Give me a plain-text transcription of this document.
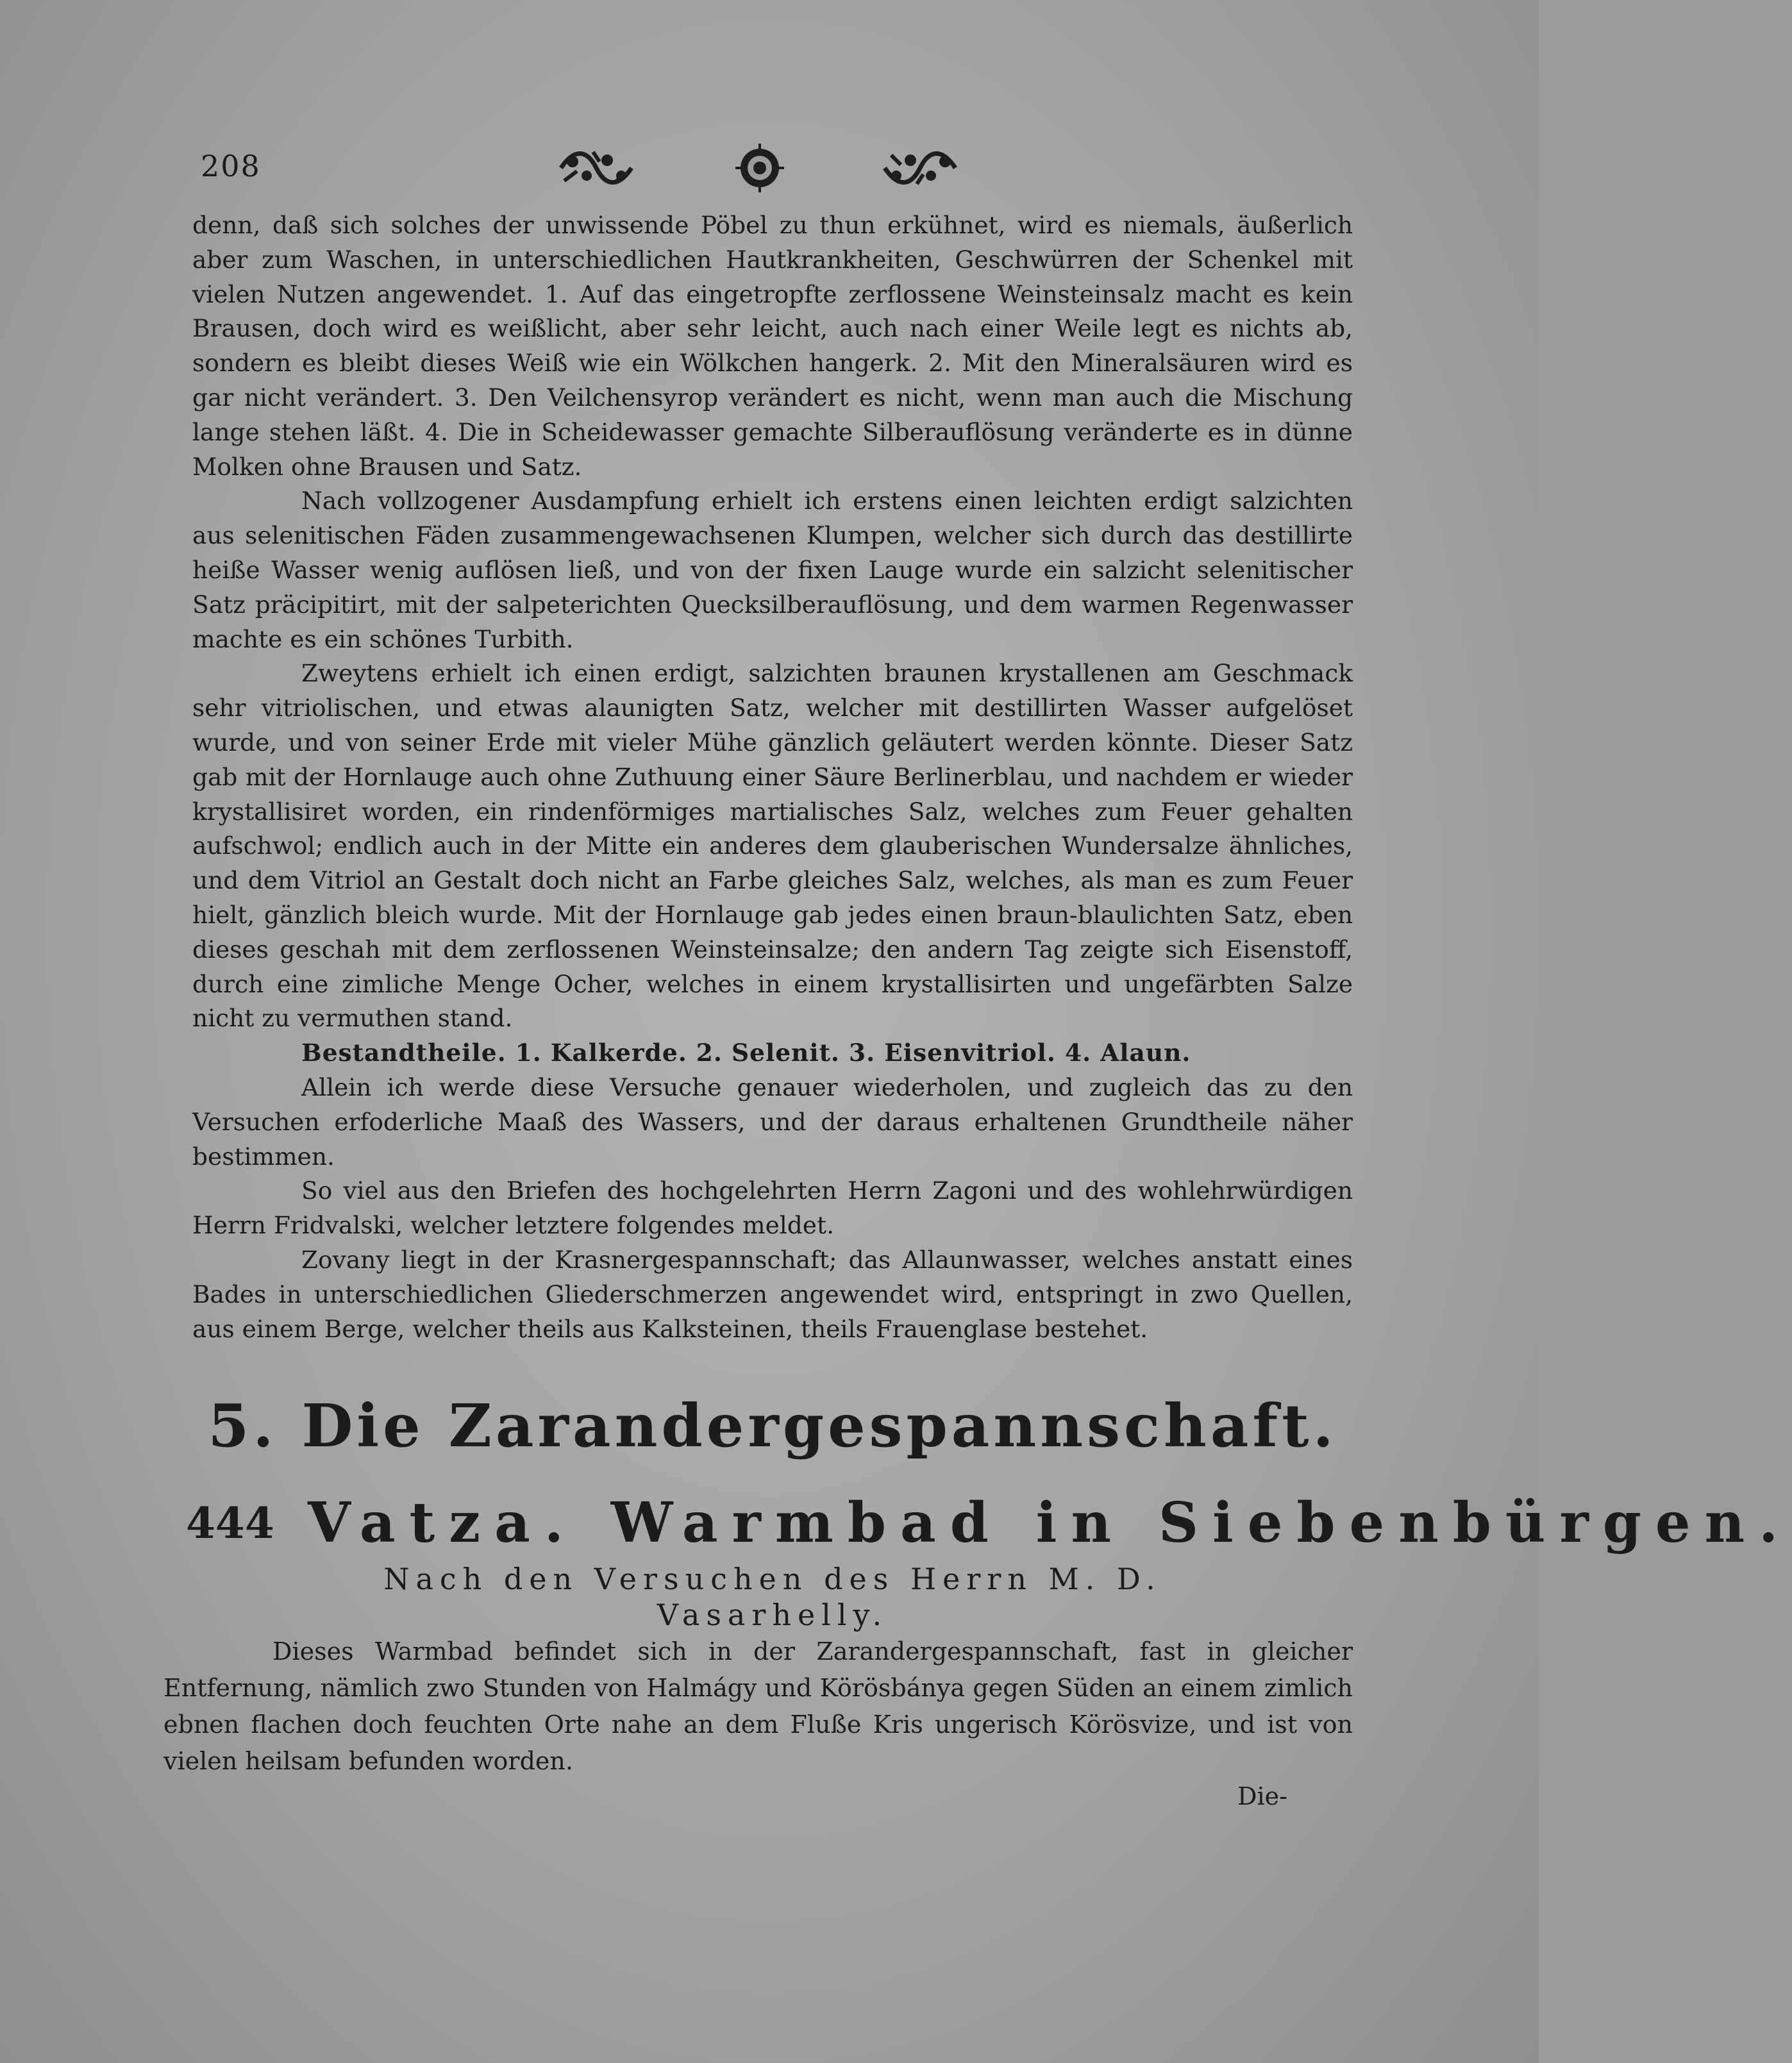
208

denn, daß sich solches der unwissende Pöbel zu thun erkühnet, wird es niemals, äußerlich aber zum Waschen, in unterschiedlichen Hautkrankheiten, Geschwürren der Schenkel mit vielen Nutzen angewendet. 1. Auf das eingetropfte zerflossene Weinsteinsalz macht es kein Brausen, doch wird es weißlicht, aber sehr leicht, auch nach einer Weile legt es nichts ab, sondern es bleibt dieses Weiß wie ein Wölkchen hangerk. 2. Mit den Mineralsäuren wird es gar nicht verändert. 3. Den Veilchensyrop verändert es nicht, wenn man auch die Mischung lange stehen läßt. 4. Die in Scheidewasser gemachte Silberauflösung veränderte es in dünne Molken ohne Brausen und Satz.

Nach vollzogener Ausdampfung erhielt ich erstens einen leichten erdigt salzichten aus selenitischen Fäden zusammengewachsenen Klumpen, welcher sich durch das destillirte heiße Wasser wenig auflösen ließ, und von der fixen Lauge wurde ein salzicht selenitischer Satz präcipitirt, mit der salpeterichten Quecksilberauflösung, und dem warmen Regenwasser machte es ein schönes Turbith.

Zweytens erhielt ich einen erdigt, salzichten braunen krystallenen am Geschmack sehr vitriolischen, und etwas alaunigten Satz, welcher mit destillirten Wasser aufgelöset wurde, und von seiner Erde mit vieler Mühe gänzlich geläutert werden könnte. Dieser Satz gab mit der Hornlauge auch ohne Zuthuung einer Säure Berlinerblau, und nachdem er wieder krystallisiret worden, ein rindenförmiges martialisches Salz, welches zum Feuer gehalten aufschwol; endlich auch in der Mitte ein anderes dem glauberischen Wundersalze ähnliches, und dem Vitriol an Gestalt doch nicht an Farbe gleiches Salz, welches, als man es zum Feuer hielt, gänzlich bleich wurde. Mit der Hornlauge gab jedes einen braun-blaulichten Satz, eben dieses geschah mit dem zerflossenen Weinsteinsalze; den andern Tag zeigte sich Eisenstoff, durch eine zimliche Menge Ocher, welches in einem krystallisirten und ungefärbten Salze nicht zu vermuthen stand.

Bestandtheile. 1. Kalkerde. 2. Selenit. 3. Eisenvitriol. 4. Alaun.

Allein ich werde diese Versuche genauer wiederholen, und zugleich das zu den Versuchen erfoderliche Maaß des Wassers, und der daraus erhaltenen Grundtheile näher bestimmen.

So viel aus den Briefen des hochgelehrten Herrn Zagoni und des wohlehrwürdigen Herrn Fridvalski, welcher letztere folgendes meldet.

Zovany liegt in der Krasnergespannschaft; das Allaunwasser, welches anstatt eines Bades in unterschiedlichen Gliederschmerzen angewendet wird, entspringt in zwo Quellen, aus einem Berge, welcher theils aus Kalksteinen, theils Frauenglase bestehet.

5. Die Zarandergespannschaft.
444 Vatza. Warmbad in Siebenbürgen.
Nach den Versuchen des Herrn M. D.
Vasarhelly.

Dieses Warmbad befindet sich in der Zarandergespannschaft, fast in gleicher Entfernung, nämlich zwo Stunden von Halmágy und Körösbánya gegen Süden an einem zimlich ebnen flachen doch feuchten Orte nahe an dem Fluße Kris ungerisch Körösvize, und ist von vielen heilsam befunden worden.

Die-
